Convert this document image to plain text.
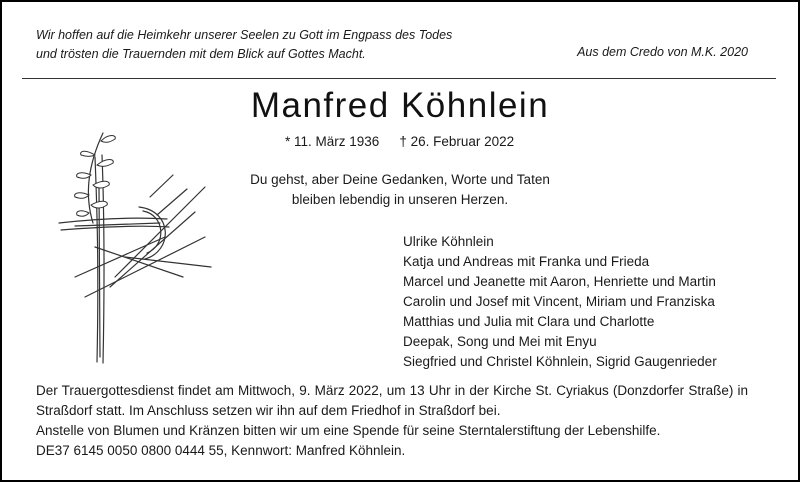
Wir hoffen auf die Heimkehr unserer Seelen zu Gott im Engpass des Todes
und trösten die Trauernden mit dem Blick auf Gottes Macht.	Aus dem Credo von M.K. 2020
Manfred Köhnlein
* 11. März 1936 † 26. Februar 2022
Du gehst, aber Deine Gedanken, Worte und Taten
bleiben lebendig in unseren Herzen.
Ulrike Köhnlein
Katja und Andreas mit Franka und Frieda
Marcel und Jeanette mit Aaron, Henriette und Martin
Carolin und Josef mit Vincent, Miriam und Franziska
Matthias und Julia mit Clara und Charlotte
Deepak, Song und Mei mit Enyu
Siegfried und Christel Köhnlein, Sigrid Gaugenrieder
Der Trauergottesdienst findet am Mittwoch, 9. März 2022, um 13 Uhr in der Kirche St. Cyriakus (Donzdorfer Straße) in Straßdorf statt. Im Anschluss setzen wir ihn auf dem Friedhof in Straßdorf bei.
Anstelle von Blumen und Kränzen bitten wir um eine Spende für seine Sterntalerstiftung der Lebenshilfe.
DE37 6145 0050 0800 0444 55, Kennwort: Manfred Köhnlein.
